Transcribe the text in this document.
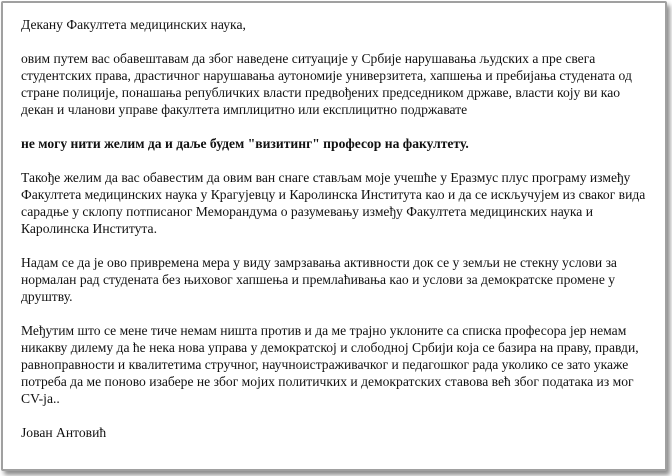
Декану Факултета медицинских наука,

овим путем вас обавештавам да због наведене ситуације у Србије нарушавања људских а пре свега студентских права, драстичног нарушавања аутономије универзитета, хапшења и пребијања студената од стране полиције, понашања републичких власти предвођених председником државе, власти коју ви као декан и чланови управе факултета имплицитно или експлицитно подржавате

не могу нити желим да и даље будем "визитинг" професор на факултету.

Такође желим да вас обавестим да овим ван снаге стављам моје учешће у Еразмус плус програму између Факултета медицинских наука у Крагујевцу и Каролинска Института као и да се искључујем из сваког вида сарадње у склопу потписаног Меморандума о разумевању између Факултета медицинских наука и Каролинска Института.

Надам се да је ово привремена мера у виду замрзавања активности док се у земљи не стекну услови за нормалан рад студената без њиховог хапшења и премлаћивања као и услови за демократске промене у друштву.

Међутим што се мене тиче немам ништа против и да ме трајно уклоните са списка професора јер немам никакву дилему да ће нека нова управа у демократској и слободној Србији која се базира на праву, правди, равноправности и квалитетима стручног, научноистраживачког и педагошког рада уколико се зато укаже потреба да ме поново изабере не због мојих политичких и демократских ставова већ због података из мог CV-ја..

Јован Антовић
